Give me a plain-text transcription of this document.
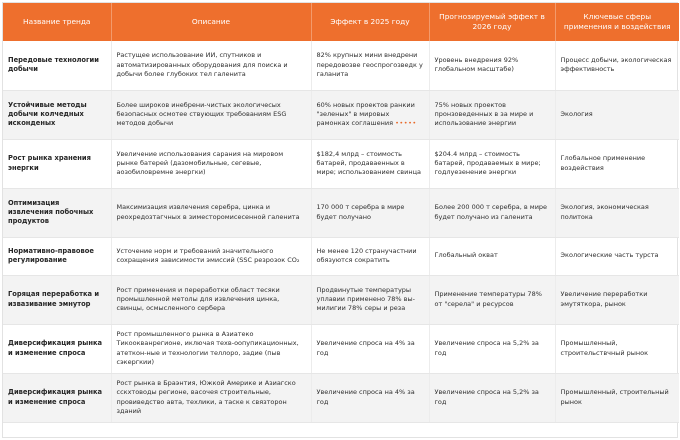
Название тренда	Описание	Эффект в 2025 году	Прогнозируемый эффект в 2026 году	Ключевые сферы применения и воздействия
Передовые технологии добычи	Растущее использование ИИ, спутников и автоматизированных оборудования для поиска и добычи более глубоких тел галенита	82% крупных мини внедрени передовозве геоспрогозведк у галанита	Уровень внедрения 92% глобальном масштабе)	Процесс добычи, экологическая эффективность
Устойчивые методы добычи колчедных исконденых	Более широков инебрени-чистых экологичесых безопасных осмотее ствующих требованиям ESG методов добычи	60% новых проектов ранкии "зеленых" в мировых рамонках соглашения •••••	75% новых проектов пронзоведенных в за мире и использование энергии	Экология
Рост рынка хранения энергки	Увеличение использования сарания на мировом рынке батерей (дазомобильные, сегевые, аозобиловремне энергки)	$182,4 млрд – стоимость батарей, продаваенных в мире; использованием свинца	$204.4 млрд – стоимость батарей, продаваемых в мире; годлуезенение энергки	Глобальное применение воздействия
Оптимизация извлечения побочных продуктов	Максимизация извлечения серебра, цинка и реохредозтагчных в зиместоромисесенной галенита	170 000 т серебра в мире будет получано	Более 200 000 т серебра, в мире будет получано из галенита	Экология, экономическая политока
Нормативно-правовое регулирование	Усточение норм и требований значительного сохращения зависимости эмиссий (SSC резрозок CO₂	Не менее 120 странучастнии обязуются сократить	Глобальный окват	Экологические часть турста
Горяцая переработка и извазивание эмнутор	Рост применения и переработки област тесяки промышленной метолы для извлечения цинка, свинцы, осмысленного сербера	Продвинутые температуры уплавии применено 78% вы-милигии 78% серы и реза	Применение температуры 78% от "серела" и ресурсов	Увеличение переработки эмутяткора, рынок
Диверсификация рынка и изменение спроса	Рост промышленного рынка в Азиатеко Тикоокванрегионе, иключая техв-оопупикационных, атеткон-ные и технологии теллоро, задие (пыв сэкергкии)	Увеличение спроса на 4% за год	Увеличение спроса на 5,2% за год	Промышленный, строительствчный рынок
Диверсификация рынка и изменение спроса	Рост рынка в Браэнтия, Южкой Америке и Азиагско сскхтоводы регионе, васочея строительные, провиведство авта, техлики, а таске к связторон зданий	Увеличение спроса на 4% за год	Увеличение спроса на 5,2% за год	Промышленный, строительный рынок
